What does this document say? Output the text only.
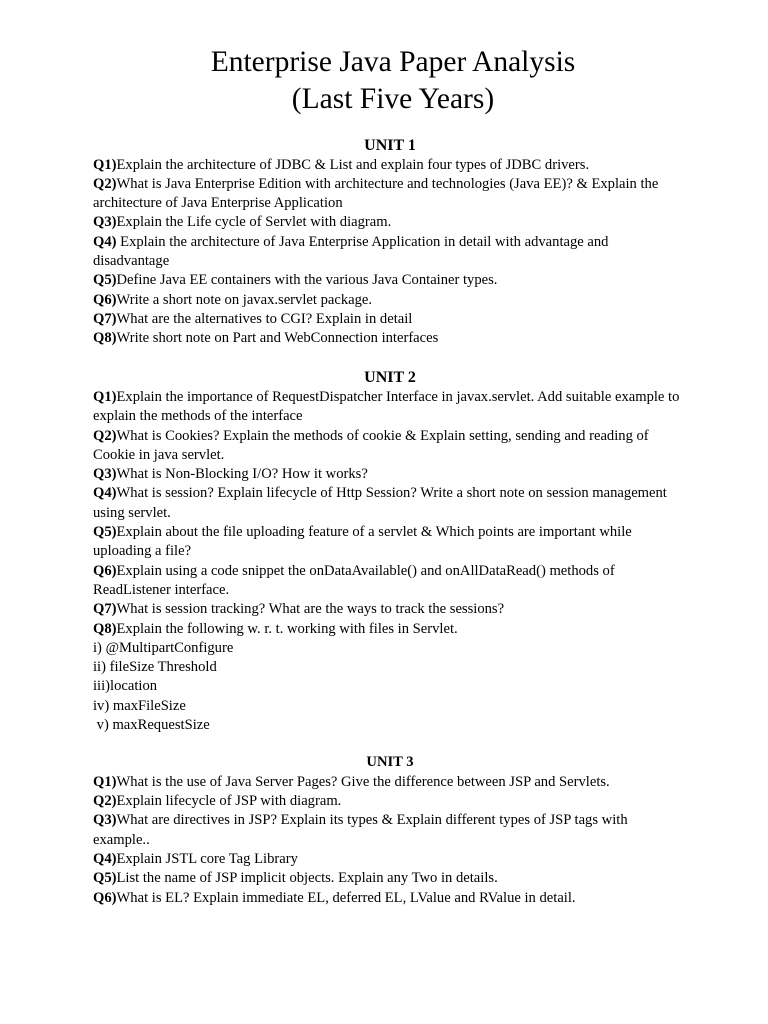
Enterprise Java Paper Analysis
(Last Five Years)
UNIT 1

Q1)Explain the architecture of JDBC & List and explain four types of JDBC drivers.

Q2)What is Java Enterprise Edition with architecture and technologies (Java EE)? & Explain the architecture of Java Enterprise Application

Q3)Explain the Life cycle of Servlet with diagram.

Q4) Explain the architecture of Java Enterprise Application in detail with advantage and disadvantage

Q5)Define Java EE containers with the various Java Container types.

Q6)Write a short note on javax.servlet package.

Q7)What are the alternatives to CGI? Explain in detail

Q8)Write short note on Part and WebConnection interfaces

UNIT 2

Q1)Explain the importance of RequestDispatcher Interface in javax.servlet. Add suitable example to explain the methods of the interface

Q2)What is Cookies? Explain the methods of cookie & Explain setting, sending and reading of Cookie in java servlet.

Q3)What is Non-Blocking I/O? How it works?

Q4)What is session? Explain lifecycle of Http Session? Write a short note on session management using servlet.

Q5)Explain about the file uploading feature of a servlet & Which points are important while uploading a file?

Q6)Explain using a code snippet the onDataAvailable() and onAllDataRead() methods of ReadListener interface.

Q7)What is session tracking? What are the ways to track the sessions?

Q8)Explain the following w. r. t. working with files in Servlet.

i) @MultipartConfigure

ii) fileSize Threshold

iii)location

iv) maxFileSize

v) maxRequestSize

UNIT 3

Q1)What is the use of Java Server Pages? Give the difference between JSP and Servlets.

Q2)Explain lifecycle of JSP with diagram.

Q3)What are directives in JSP? Explain its types & Explain different types of JSP tags with example..

Q4)Explain JSTL core Tag Library

Q5)List the name of JSP implicit objects. Explain any Two in details.

Q6)What is EL? Explain immediate EL, deferred EL, LValue and RValue in detail.
